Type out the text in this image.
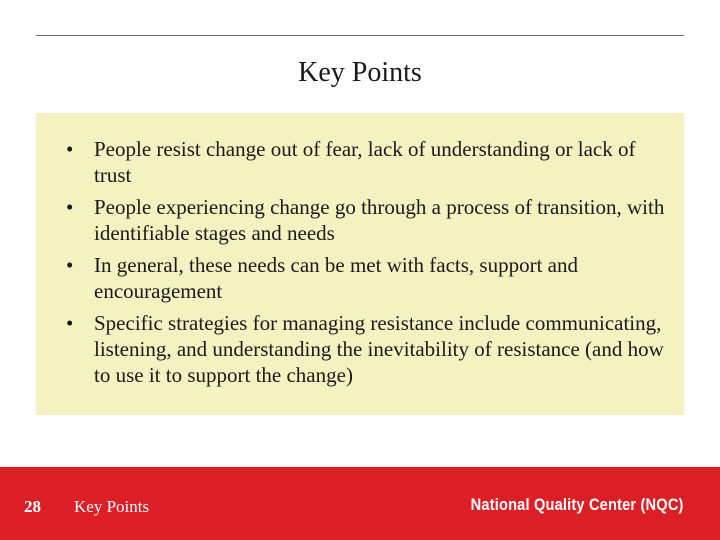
Key Points
• People resist change out of fear, lack of understanding or lack of trust
• People experiencing change go through a process of transition, with identifiable stages and needs
• In general, these needs can be met with facts, support and encouragement
• Specific strategies for managing resistance include communicating, listening, and understanding the inevitability of resistance (and how to use it to support the change)
28 Key Points	National Quality Center (NQC)
